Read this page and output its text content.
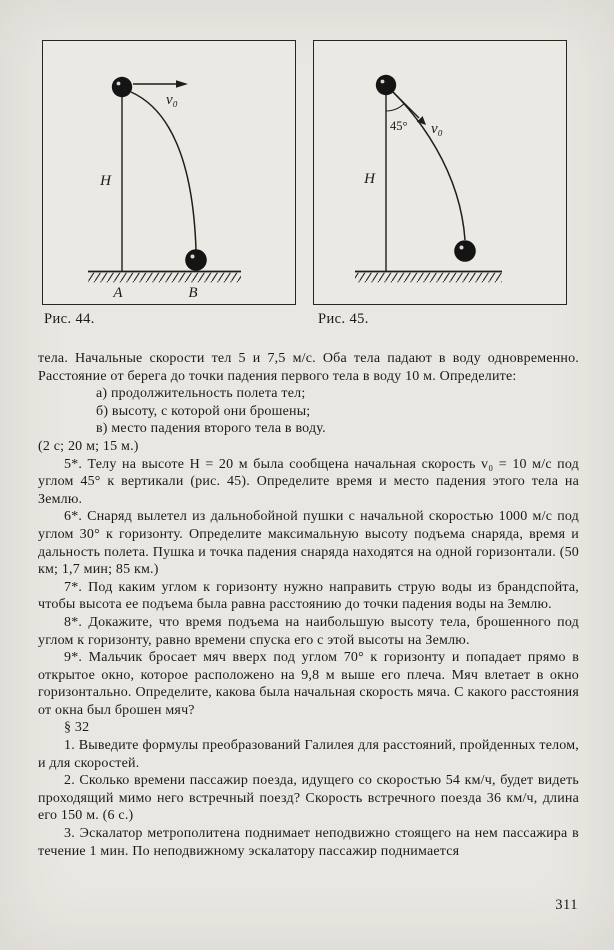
v₀
H
A	B
45° v₀
H

Рис. 44.	Рис. 45.

тела. Начальные скорости тел 5 и 7,5 м/с. Оба тела падают в воду одновременно. Расстояние от берега до точки падения первого тела в воду 10 м. Определите:

а) продолжительность полета тел;

б) высоту, с которой они брошены;

в) место падения второго тела в воду.

(2 с; 20 м; 15 м.)

5*. Телу на высоте H = 20 м была сообщена начальная скорость v₀ = 10 м/с под углом 45° к вертикали (рис. 45). Определите время и место падения этого тела на Землю.

6*. Снаряд вылетел из дальнобойной пушки с начальной скоростью 1000 м/с под углом 30° к горизонту. Определите максимальную высоту подъема снаряда, время и дальность полета. Пушка и точка падения снаряда находятся на одной горизонтали. (50 км; 1,7 мин; 85 км.)

7*. Под каким углом к горизонту нужно направить струю воды из брандспойта, чтобы высота ее подъема была равна расстоянию до точки падения воды на Землю.

8*. Докажите, что время подъема на наибольшую высоту тела, брошенного под углом к горизонту, равно времени спуска его с этой высоты на Землю.

9*. Мальчик бросает мяч вверх под углом 70° к горизонту и попадает прямо в открытое окно, которое расположено на 9,8 м выше его плеча. Мяч влетает в окно горизонтально. Определите, какова была начальная скорость мяча. С какого расстояния от окна был брошен мяч?

§ 32

1. Выведите формулы преобразований Галилея для расстояний, пройденных телом, и для скоростей.

2. Сколько времени пассажир поезда, идущего со скоростью 54 км/ч, будет видеть проходящий мимо него встречный поезд? Скорость встречного поезда 36 км/ч, длина его 150 м. (6 с.)

3. Эскалатор метрополитена поднимает неподвижно стоящего на нем пассажира в течение 1 мин. По неподвижному эскалатору пассажир поднимается

311
